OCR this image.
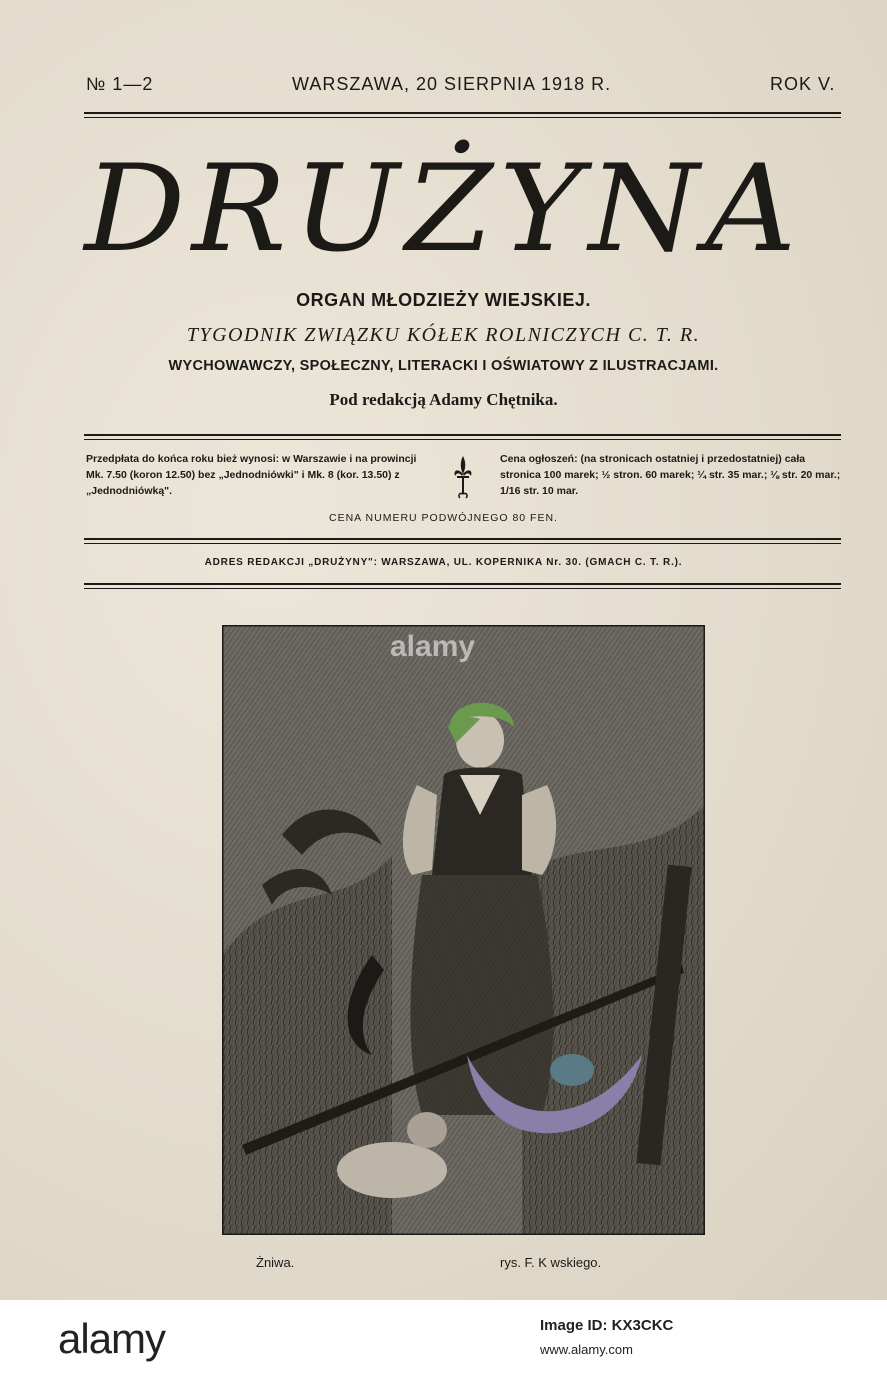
№ 1—2	WARSZAWA, 20 SIERPNIA 1918 R.	ROK V.
DRUŻYNA
ORGAN MŁODZIEŻY WIEJSKIEJ.
TYGODNIK ZWIĄZKU KÓŁEK ROLNICZYCH C. T. R.
WYCHOWAWCZY, SPOŁECZNY, LITERACKI I OŚWIATOWY Z ILUSTRACJAMI.
Pod redakcją Adamy Chętnika.
Przedpłata do końca roku bież wynosi: w Warszawie i na prowincji Mk. 7.50 (koron 12.50) bez „Jednodniówki" i Mk. 8 (kor. 13.50) z „Jednodniówką".
Cena ogłoszeń: (na stronicach ostatniej i przedostatniej) cała stronica 100 marek; ½ stron. 60 marek; ¼ str. 35 mar.; ⅛ str. 20 mar.; 1/16 str. 10 mar.
CENA NUMERU PODWÓJNEGO 80 FEN.
ADRES REDAKCJI „DRUŻYNY": WARSZAWA, UL. KOPERNIKA Nr. 30. (GMACH C. T. R.).
Żniwa.	rys. F. K wskiego.
alamy
alamy	Image ID: KX3CKC
www.alamy.com
